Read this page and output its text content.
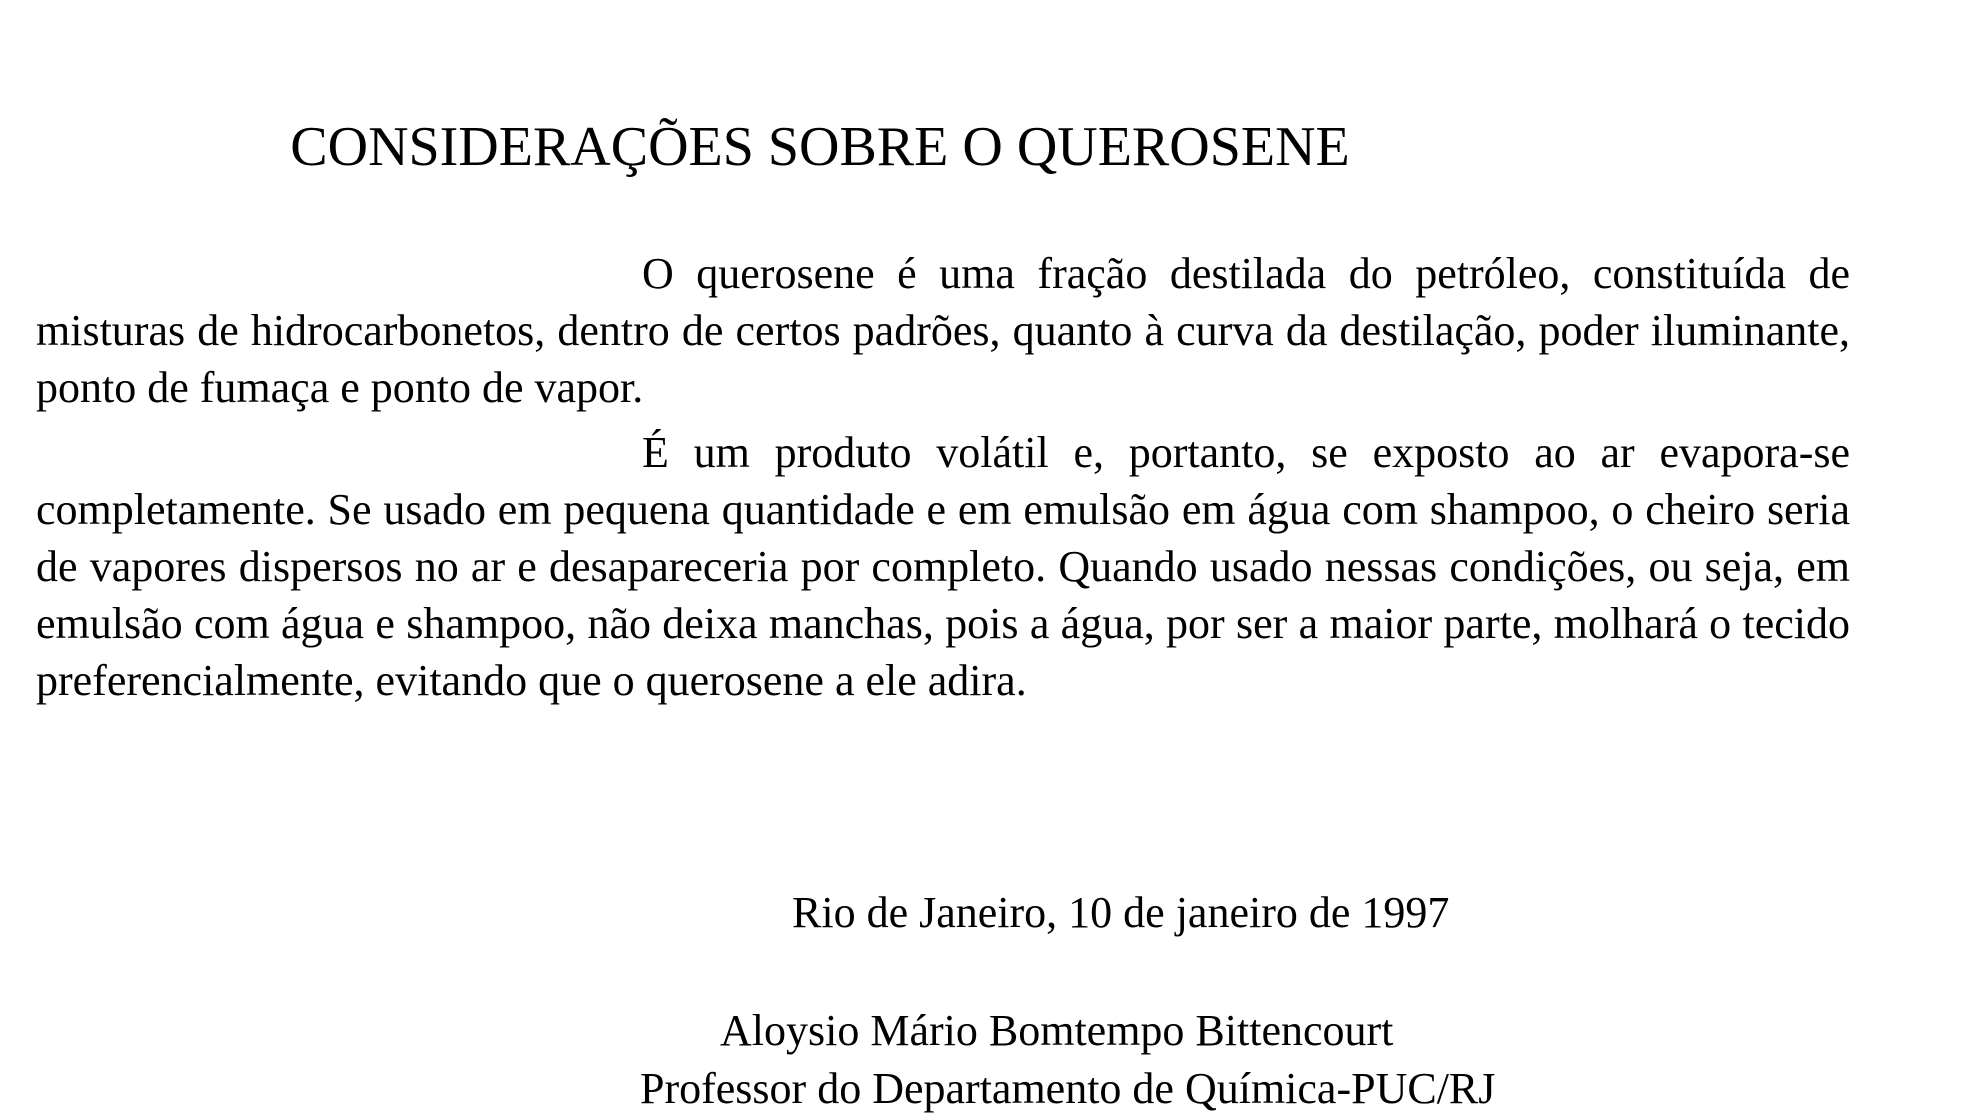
CONSIDERAÇÕES SOBRE O QUEROSENE

O querosene é uma fração destilada do petróleo, constituída de misturas de hidrocarbonetos, dentro de certos padrões, quanto à curva da destilação, poder iluminante, ponto de fumaça e ponto de vapor.

É um produto volátil e, portanto, se exposto ao ar evapora-se completamente. Se usado em pequena quantidade e em emulsão em água com shampoo, o cheiro seria de vapores dispersos no ar e desapareceria por completo. Quando usado nessas condições, ou seja, em emulsão com água e shampoo, não deixa manchas, pois a água, por ser a maior parte, molhará o tecido preferencialmente, evitando que o querosene a ele adira.

Rio de Janeiro, 10 de janeiro de 1997
Aloysio Mário Bomtempo Bittencourt
Professor do Departamento de Química-PUC/RJ
